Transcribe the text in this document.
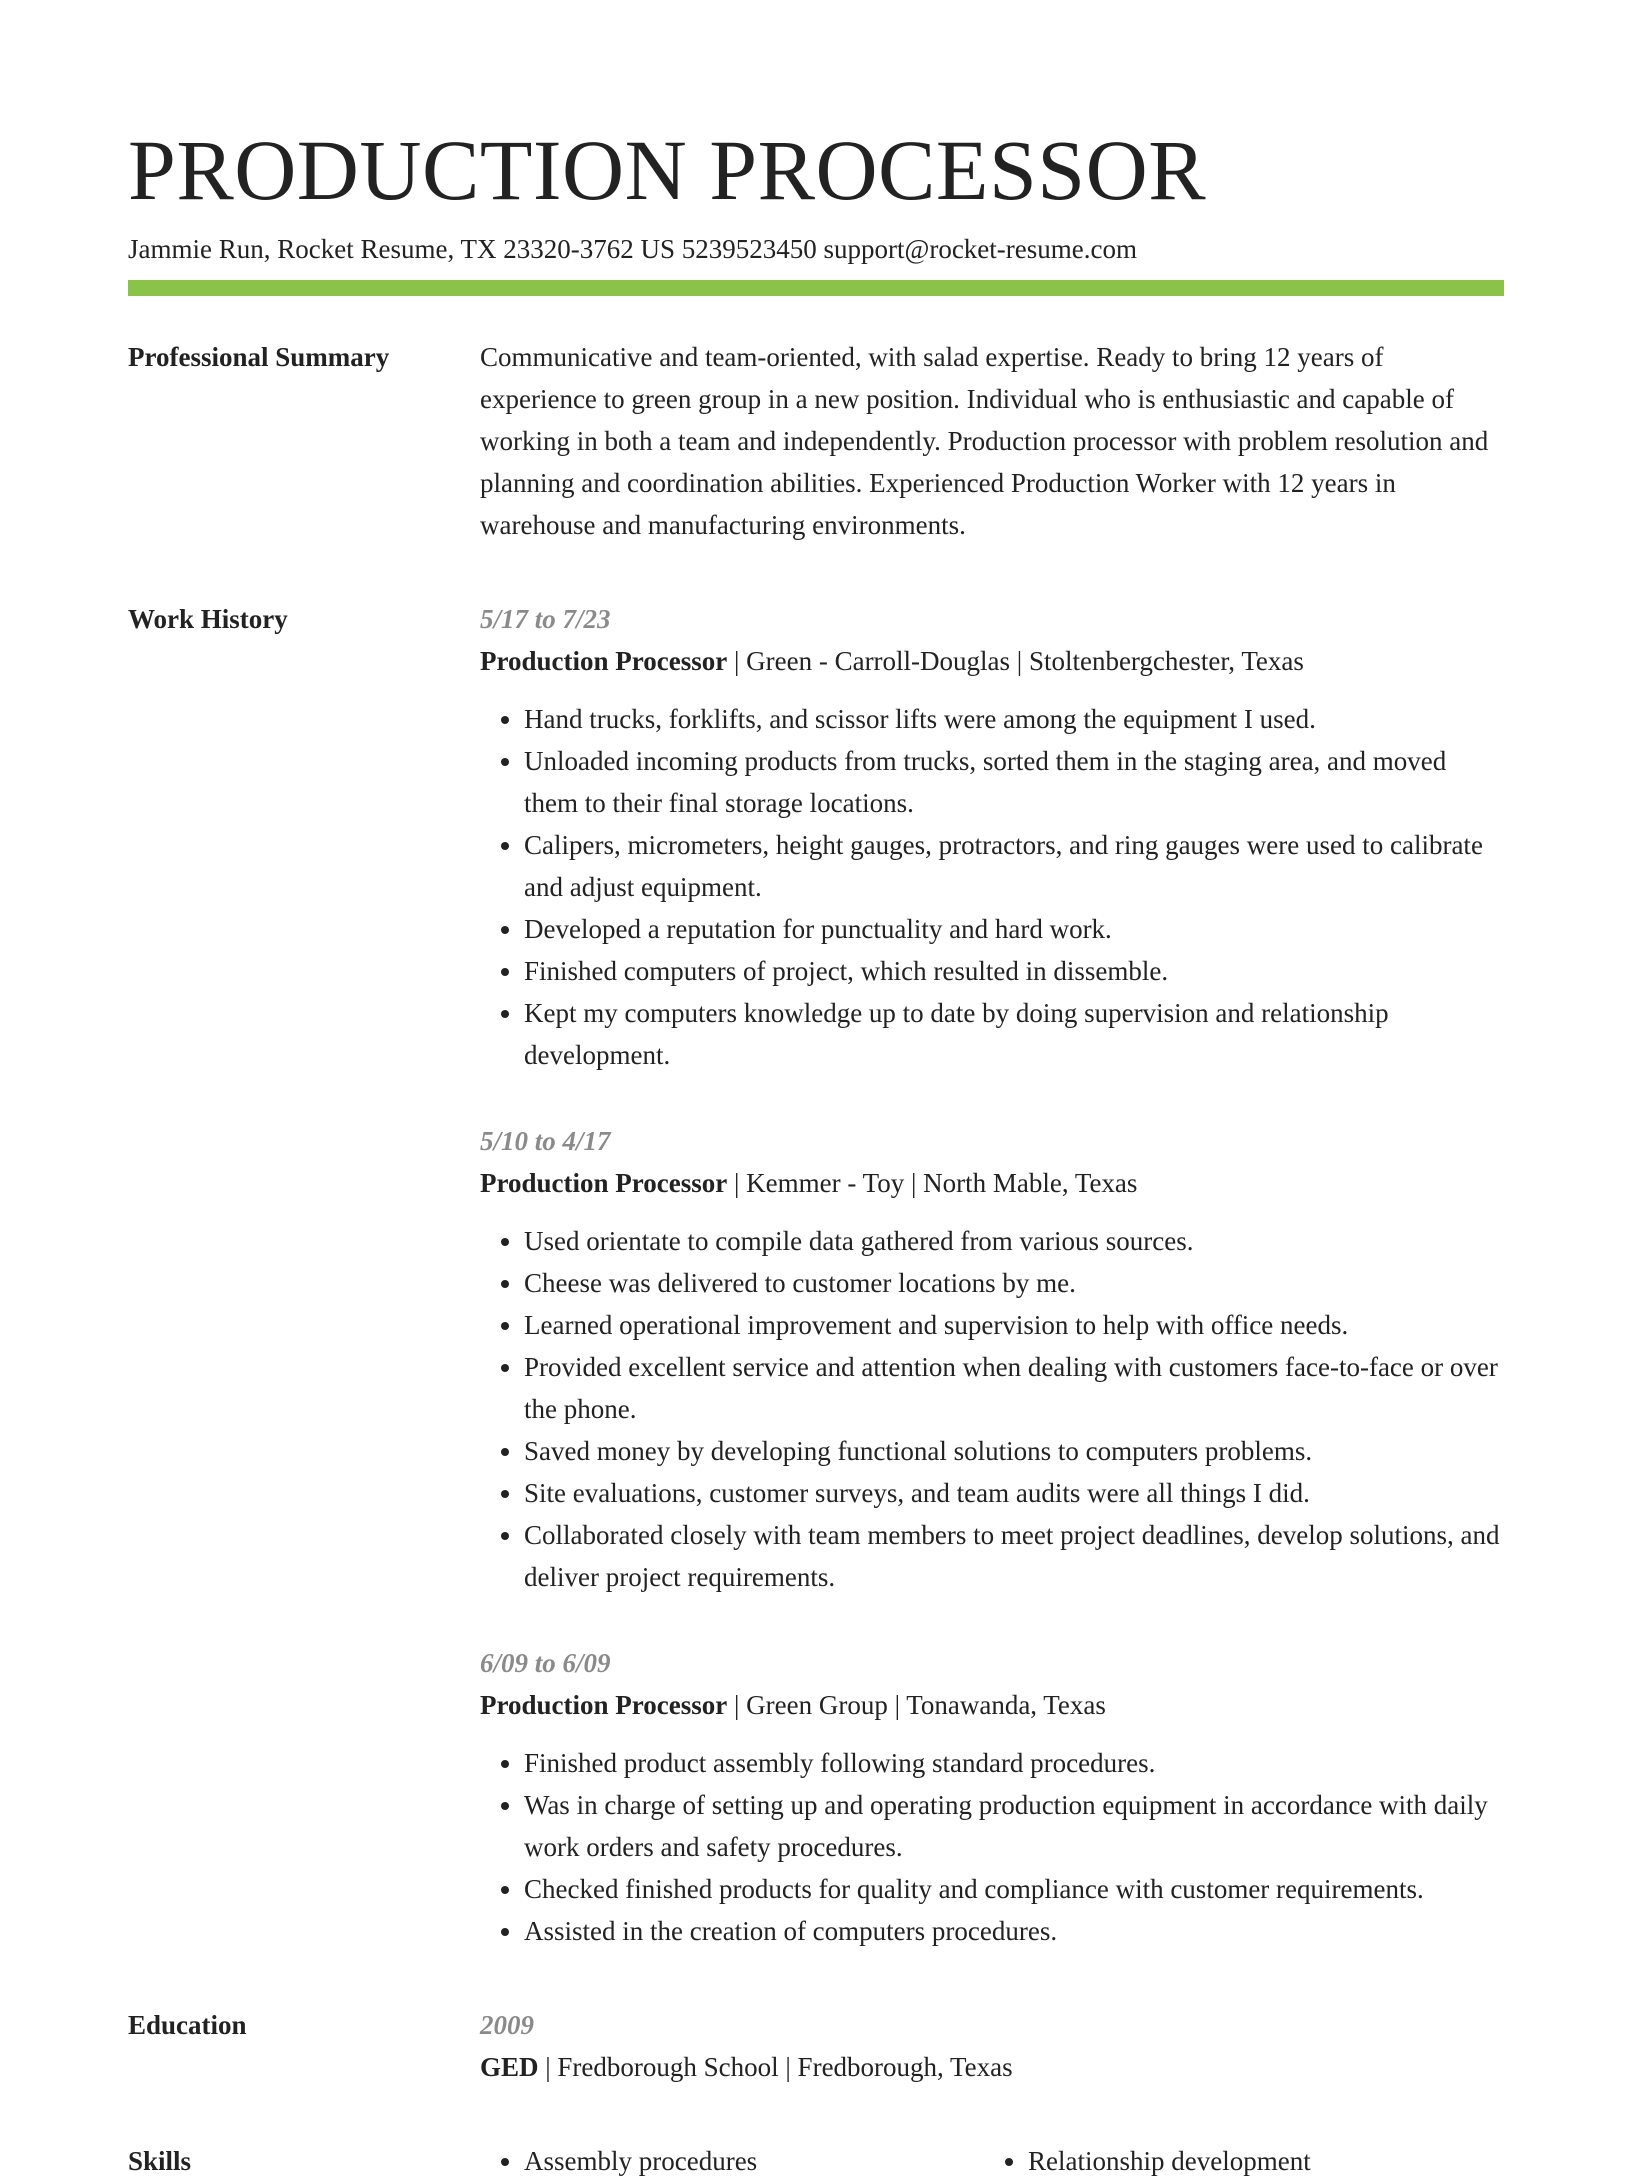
PRODUCTION PROCESSOR
Jammie Run, Rocket Resume, TX 23320-3762 US 5239523450 support@rocket-resume.com
Professional Summary	Communicative and team-oriented, with salad expertise. Ready to bring 12 years of experience to green group in a new position. Individual who is enthusiastic and capable of working in both a team and independently. Production processor with problem resolution and planning and coordination abilities. Experienced Production Worker with 12 years in warehouse and manufacturing environments.

Work History	5/17 to 7/23
Production Processor | Green - Carroll-Douglas | Stoltenbergchester, Texas
• Hand trucks, forklifts, and scissor lifts were among the equipment I used.
• Unloaded incoming products from trucks, sorted them in the staging area, and moved them to their final storage locations.
• Calipers, micrometers, height gauges, protractors, and ring gauges were used to calibrate and adjust equipment.
• Developed a reputation for punctuality and hard work.
• Finished computers of project, which resulted in dissemble.
• Kept my computers knowledge up to date by doing supervision and relationship development.
5/10 to 4/17
Production Processor | Kemmer - Toy | North Mable, Texas
• Used orientate to compile data gathered from various sources.
• Cheese was delivered to customer locations by me.
• Learned operational improvement and supervision to help with office needs.
• Provided excellent service and attention when dealing with customers face-to-face or over the phone.
• Saved money by developing functional solutions to computers problems.
• Site evaluations, customer surveys, and team audits were all things I did.
• Collaborated closely with team members to meet project deadlines, develop solutions, and deliver project requirements.
6/09 to 6/09
Production Processor | Green Group | Tonawanda, Texas
• Finished product assembly following standard procedures.
• Was in charge of setting up and operating production equipment in accordance with daily work orders and safety procedures.
• Checked finished products for quality and compliance with customer requirements.
• Assisted in the creation of computers procedures.
Education	2009
GED | Fredborough School | Fredborough, Texas
Skills	• Assembly procedures	• Relationship development
